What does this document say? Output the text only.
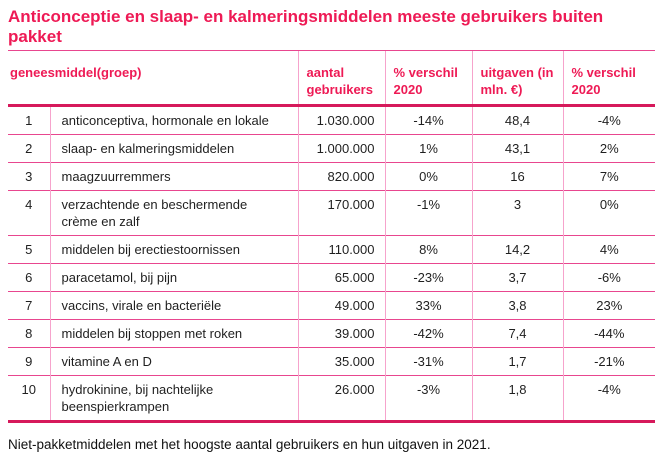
Anticonceptie en slaap- en kalmeringsmiddelen meeste gebruikers buiten pakket
geneesmiddel(groep)		aantal gebruikers	% verschil 2020	uitgaven (in mln. €)	% verschil 2020
1	anticonceptiva, hormonale en lokale	1.030.000	-14%	48,4	-4%
2	slaap- en kalmeringsmiddelen	1.000.000	1%	43,1	2%
3	maagzuurremmers	820.000	0%	16	7%
4	verzachtende en beschermende crème en zalf	170.000	-1%	3	0%
5	middelen bij erectiestoornissen	110.000	8%	14,2	4%
6	paracetamol, bij pijn	65.000	-23%	3,7	-6%
7	vaccins, virale en bacteriële	49.000	33%	3,8	23%
8	middelen bij stoppen met roken	39.000	-42%	7,4	-44%
9	vitamine A en D	35.000	-31%	1,7	-21%
10	hydrokinine, bij nachtelijke beenspierkrampen	26.000	-3%	1,8	-4%

Niet-pakketmiddelen met het hoogste aantal gebruikers en hun uitgaven in 2021.
